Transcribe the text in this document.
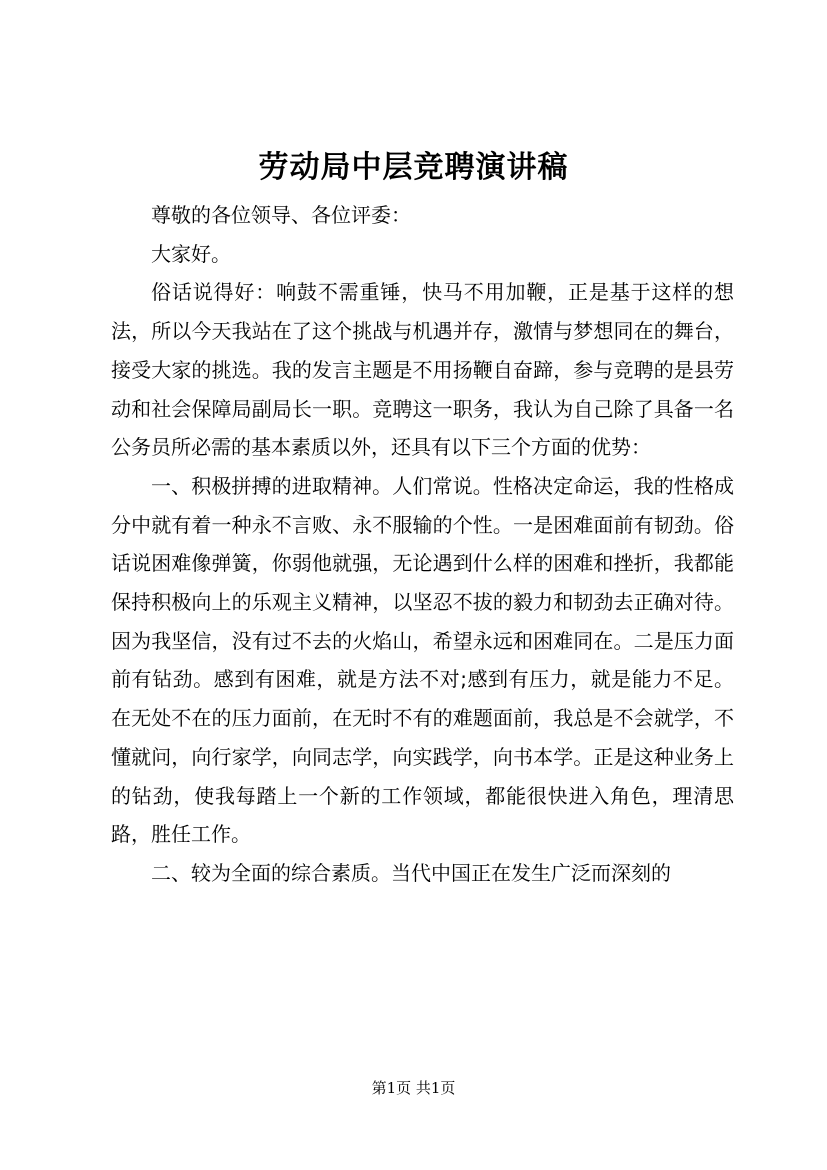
劳动局中层竞聘演讲稿

尊敬的各位领导、各位评委：

大家好。

俗话说得好：响鼓不需重锤，快马不用加鞭，正是基于这样的想法，所以今天我站在了这个挑战与机遇并存，激情与梦想同在的舞台，接受大家的挑选。我的发言主题是不用扬鞭自奋蹄，参与竞聘的是县劳动和社会保障局副局长一职。竞聘这一职务，我认为自己除了具备一名公务员所必需的基本素质以外，还具有以下三个方面的优势：

一、积极拼搏的进取精神。人们常说。性格决定命运，我的性格成分中就有着一种永不言败、永不服输的个性。一是困难面前有韧劲。俗话说困难像弹簧，你弱他就强，无论遇到什么样的困难和挫折，我都能保持积极向上的乐观主义精神，以坚忍不拔的毅力和韧劲去正确对待。因为我坚信，没有过不去的火焰山，希望永远和困难同在。二是压力面前有钻劲。感到有困难，就是方法不对;感到有压力，就是能力不足。在无处不在的压力面前，在无时不有的难题面前，我总是不会就学，不懂就问，向行家学，向同志学，向实践学，向书本学。正是这种业务上的钻劲，使我每踏上一个新的工作领域，都能很快进入角色，理清思路，胜任工作。

二、较为全面的综合素质。当代中国正在发生广泛而深刻的

第1页 共1页
